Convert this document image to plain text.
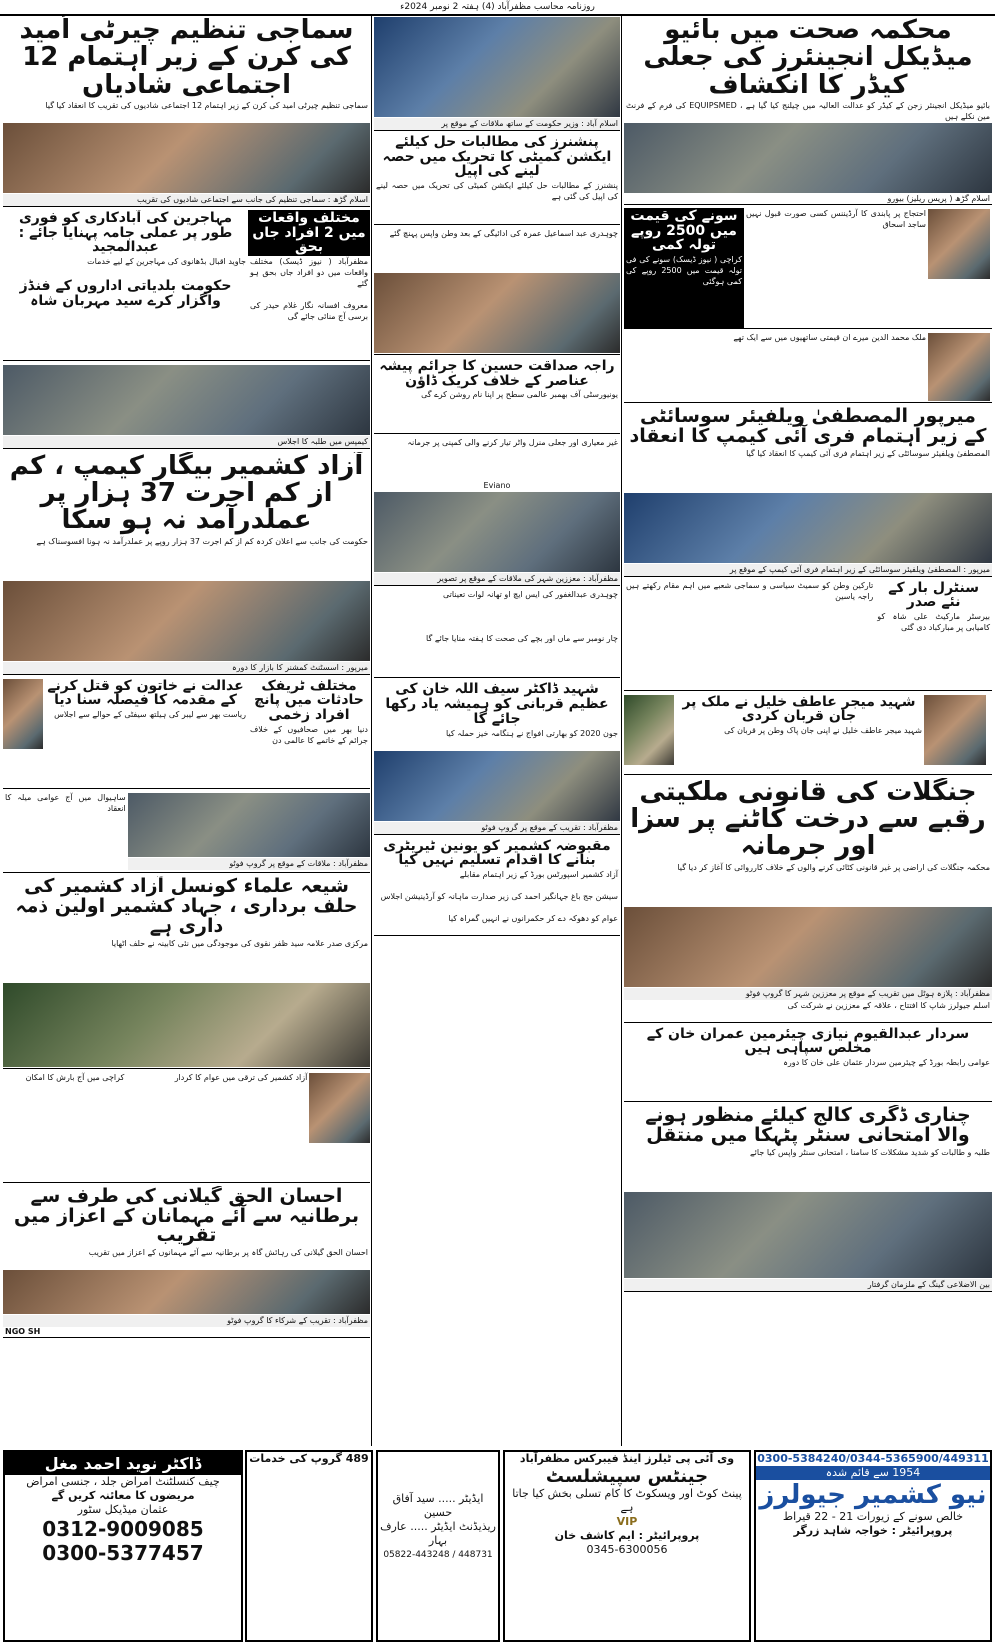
روزنامہ محاسب مظفرآباد (4) ہفتہ 2 نومبر 2024ء
محکمہ صحت میں بائیو میڈیکل انجینئرز کی جعلی کیڈر کا انکشاف
بائیو میڈیکل انجینئر زجن کے کیڈر کو عدالت العالیہ میں چیلنج کیا گیا ہے ، EQUIPSMED کی فرم کے فرنٹ مین نکلے ہیں
اسلام گڑھ ( پریس ریلیز) بیورو
سونے کی قیمت میں 2500 روپے تولہ کمی
کراچی ( نیوز ڈیسک) سونے کی فی تولہ قیمت میں 2500 روپے کی کمی ہوگئی
احتجاج پر پابندی کا آرڈیننس کسی صورت قبول نہیں ساجد اسحاق
ملک محمد الدین میرے ان قیمتی ساتھیوں میں سے ایک تھے
میرپور المصطفیٰ ویلفیئر سوسائٹی کے زیر اہتمام فری آئی کیمپ کا انعقاد
المصطفیٰ ویلفیئر سوسائٹی کے زیر اہتمام فری آئی کیمپ کا انعقاد کیا گیا
میرپور : المصطفیٰ ویلفیئر سوسائٹی کے زیر اہتمام فری آئی کیمپ کے موقع پر
تارکین وطن کو سمیٹ سیاسی و سماجی شعبے میں اہم مقام رکھتے ہیں راجہ یاسین
سنٹرل بار کے نئے صدر
بیرسٹر مارکیٹ علی شاہ کو کامیابی پر مبارکباد دی گئی
شہید میجر عاطف خلیل نے ملک پر جان قربان کردی
شہید میجر عاطف خلیل نے اپنی جان پاک وطن پر قربان کی
جنگلات کی قانونی ملکیتی رقبے سے درخت کاٹنے پر سزا اور جرمانہ
محکمہ جنگلات کی اراضی پر غیر قانونی کٹائی کرنے والوں کے خلاف کارروائی کا آغاز کر دیا گیا
مظفرآباد : پلازہ ہوٹل میں تقریب کے موقع پر معززین شہر کا گروپ فوٹو
اسلم جیولرز شاپ کا افتتاح ، علاقہ کے معززین نے شرکت کی
سردار عبدالقیوم نیازی چیئرمین عمران خان کے مخلص سپاہی ہیں
عوامی رابطہ بورڈ کے چیئرمین سردار عثمان علی خان کا دورہ
چناری ڈگری کالج کیلئے منظور ہونے والا امتحانی سنٹر پٹہکا میں منتقل
طلبہ و طالبات کو شدید مشکلات کا سامنا ، امتحانی سنٹر واپس کیا جائے
بین الاضلاعی گینگ کے ملزمان گرفتار
اسلام آباد : وزیر حکومت کے ساتھ ملاقات کے موقع پر
پنشنرز کی مطالبات حل کیلئے ایکشن کمیٹی کا تحریک میں حصہ لینے کی اپیل
پنشنرز کے مطالبات حل کیلئے ایکشن کمیٹی کی تحریک میں حصہ لینے کی اپیل کی گئی ہے
چوہدری عبد اسماعیل عمرہ کی ادائیگی کے بعد وطن واپس پہنچ گئے
راجہ صداقت حسین کا جرائم پیشہ عناصر کے خلاف کریک ڈاؤن
یونیورسٹی آف بھمبر عالمی سطح پر اپنا نام روشن کرے گی
غیر معیاری اور جعلی منرل واٹر تیار کرنے والی کمپنی پر جرمانہ
Eviano
مظفرآباد : معززین شہر کی ملاقات کے موقع پر تصویر
چوہدری عبدالغفور کی ایس ایچ او تھانہ لوات تعیناتی
چار نومبر سے ماں اور بچے کی صحت کا ہفتہ منایا جائے گا
شہید ڈاکٹر سیف اللہ خان کی عظیم قربانی کو ہمیشہ یاد رکھا جائے گا
جون 2020 کو بھارتی افواج نے ہنگامہ خیز حملہ کیا
مظفرآباد : تقریب کے موقع پر گروپ فوٹو
مقبوضہ کشمیر کو یونین ٹیریٹری بنانے کا اقدام تسلیم نہیں کیا
آزاد کشمیر اسپورٹس بورڈ کے زیر اہتمام مقابلے
سیشن جج باغ جہانگیر احمد کی زیر صدارت ماہانہ کو آرڈینیشن اجلاس
عوام کو دھوکہ دے کر حکمرانوں نے انہیں گمراہ کیا
سماجی تنظیم چیرٹی اُمید کی کرن کے زیر اہتمام 12 اجتماعی شادیاں
سماجی تنظیم چیرٹی امید کی کرن کے زیر اہتمام 12 اجتماعی شادیوں کی تقریب کا انعقاد کیا گیا
اسلام گڑھ : سماجی تنظیم کی جانب سے اجتماعی شادیوں کی تقریب
مہاجرین کی آبادکاری کو فوری طور پر عملی جامہ پہنایا جائے : عبدالمجید
جاوید اقبال بڈھانوی کی مہاجرین کے لیے خدمات
حکومت بلدیاتی اداروں کے فنڈز واگزار کرے سید مہربان شاہ
مختلف واقعات میں 2 افراد جاں بحق
مظفرآباد ( نیوز ڈیسک) مختلف واقعات میں دو افراد جاں بحق ہو گئے
معروف افسانہ نگار غلام حیدر کی برسی آج منائی جائے گی
کیمپس میں طلبہ کا اجلاس
آزاد کشمیر بیگار کیمپ ، کم از کم اجرت 37 ہزار پر عملدرآمد نہ ہو سکا
حکومت کی جانب سے اعلان کردہ کم از کم اجرت 37 ہزار روپے پر عملدرآمد نہ ہونا افسوسناک ہے
میرپور : اسسٹنٹ کمشنر کا بازار کا دورہ
عدالت نے خاتون کو قتل کرنے کے مقدمہ کا فیصلہ سنا دیا
ریاست بھر سے لیبر کی ہیلتھ سیفٹی کے حوالے سے اجلاس
مختلف ٹریفک حادثات میں پانچ افراد زخمی
دنیا بھر میں صحافیوں کے خلاف جرائم کے خاتمے کا عالمی دن
ساہیوال میں آج عوامی میلہ کا انعقاد
مظفرآباد : ملاقات کے موقع پر گروپ فوٹو
شیعہ علماء کونسل آزاد کشمیر کی حلف برداری ، جہاد کشمیر اولین ذمہ داری ہے
مرکزی صدر علامہ سید ظفر نقوی کی موجودگی میں نئی کابینہ نے حلف اٹھایا
کراچی میں آج بارش کا امکان	آزاد کشمیر کی ترقی میں عوام کا کردار
احسان الحق گیلانی کی طرف سے برطانیہ سے آئے مہمانان کے اعزاز میں تقریب
احسان الحق گیلانی کی رہائش گاہ پر برطانیہ سے آئے مہمانوں کے اعزاز میں تقریب
مظفرآباد : تقریب کے شرکاء کا گروپ فوٹو
NGO SH
ڈاکٹر نوید احمد مغل
چیف کنسلٹنٹ امراض جلد ، جنسی امراض
مریضوں کا معائنہ کریں گے
عثمان میڈیکل سٹور
0312-9009085
0300-5377457
489 گروپ کی خدمات
ایڈیٹر ..... سید آفاق حسین
ریذیڈنٹ ایڈیٹر ..... عارف بہار
05822-443248 / 448731
وی آئی پی ٹیلرز اینڈ فیبرکس مظفرآباد
جینٹس سپیشلسٹ
پینٹ کوٹ اور ویسکوٹ کا کام تسلی بخش کیا جاتا ہے
VIP
پروپرائیٹر : ایم کاشف خان
0345-6300056
0300-5384240/0344-5365900/449311
1954 سے قائم شدہ
نیو کشمیر جیولرز
خالص سونے کے زیورات 21 - 22 قیراط
پروپرائیٹر : خواجہ شاہد زرگر
